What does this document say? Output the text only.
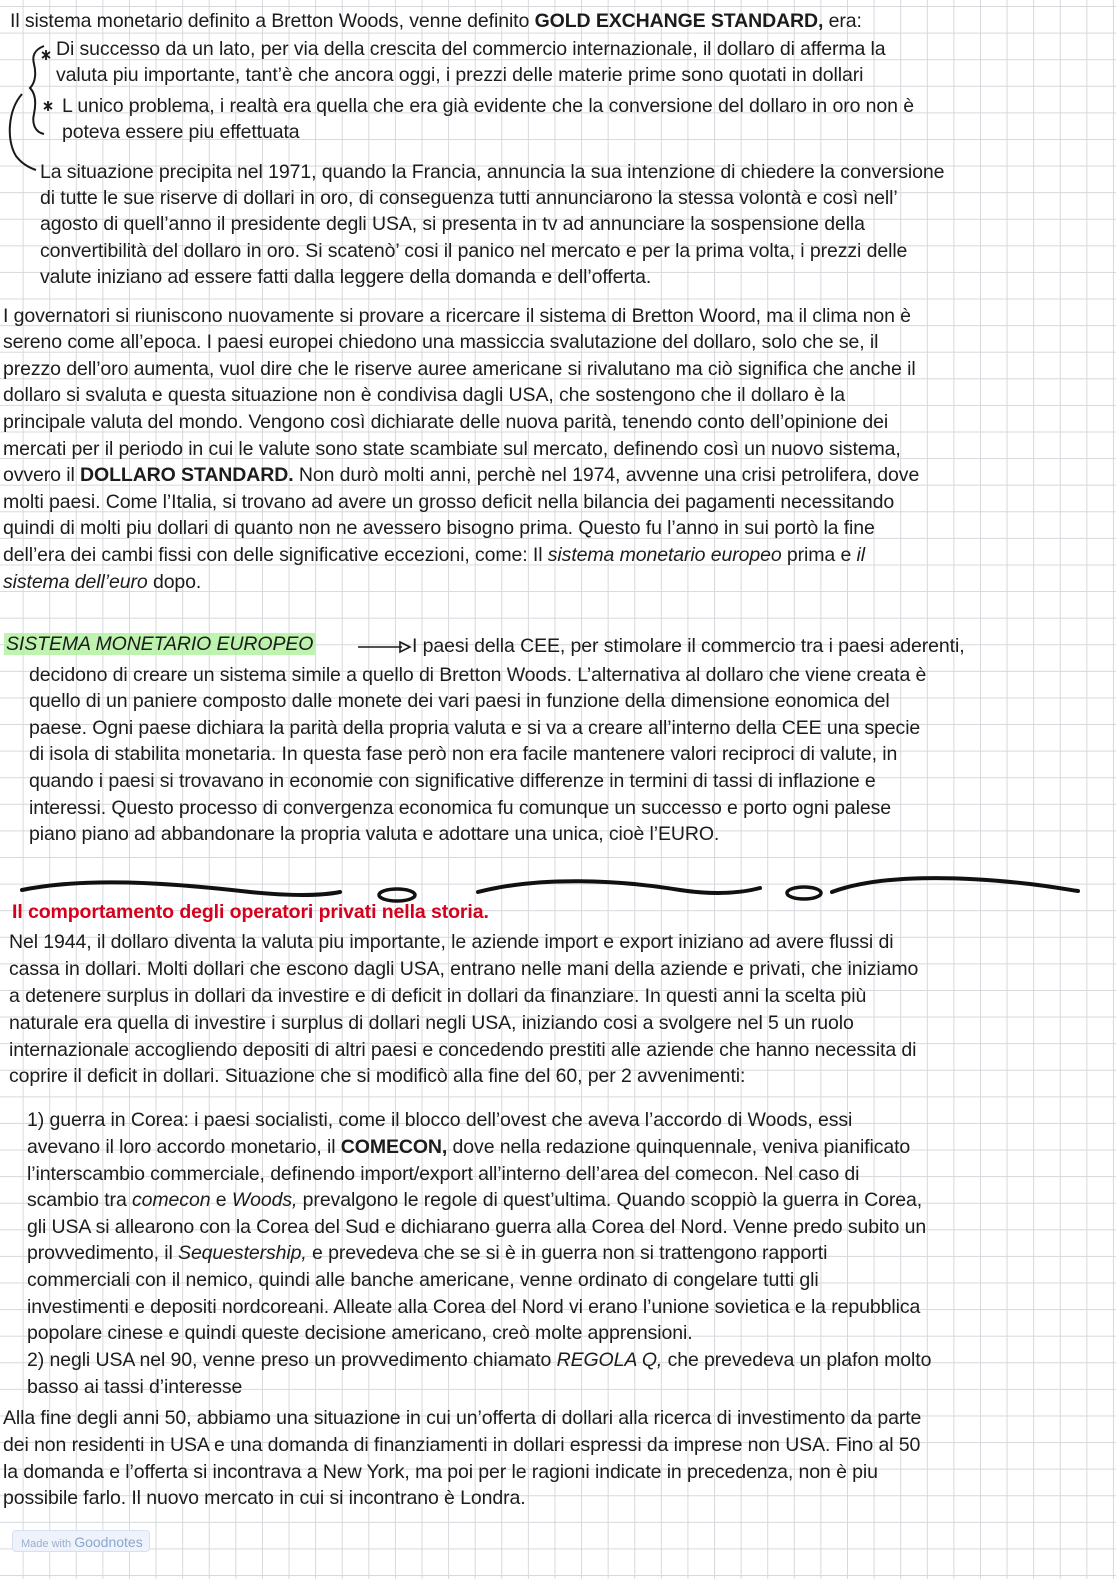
Il sistema monetario definito a Bretton Woods, venne definito GOLD EXCHANGE STANDARD, era:
Di successo da un lato, per via della crescita del commercio internazionale, il dollaro di afferma la
valuta piu importante, tant’è che ancora oggi, i prezzi delle materie prime sono quotati in dollari
L unico problema, i realtà era quella che era già evidente che la conversione del dollaro in oro non è
poteva essere piu effettuata
La situazione precipita nel 1971, quando la Francia, annuncia la sua intenzione di chiedere la conversione
di tutte le sue riserve di dollari in oro, di conseguenza tutti annunciarono la stessa volontà e così nell’
agosto di quell’anno il presidente degli USA, si presenta in tv ad annunciare la sospensione della
convertibilità del dollaro in oro. Si scatenò’ cosi il panico nel mercato e per la prima volta, i prezzi delle
valute iniziano ad essere fatti dalla leggere della domanda e dell’offerta.
I governatori si riuniscono nuovamente si provare a ricercare il sistema di Bretton Woord, ma il clima non è
sereno come all’epoca. I paesi europei chiedono una massiccia svalutazione del dollaro, solo che se, il
prezzo dell’oro aumenta, vuol dire che le riserve auree americane si rivalutano ma ciò significa che anche il
dollaro si svaluta e questa situazione non è condivisa dagli USA, che sostengono che il dollaro è la
principale valuta del mondo. Vengono così dichiarate delle nuova parità, tenendo conto dell’opinione dei
mercati per il periodo in cui le valute sono state scambiate sul mercato, definendo così un nuovo sistema,
ovvero il DOLLARO STANDARD. Non durò molti anni, perchè nel 1974, avvenne una crisi petrolifera, dove
molti paesi. Come l’Italia, si trovano ad avere un grosso deficit nella bilancia dei pagamenti necessitando
quindi di molti piu dollari di quanto non ne avessero bisogno prima. Questo fu l’anno in sui portò la fine
dell’era dei cambi fissi con delle significative eccezioni, come: Il sistema monetario europeo prima e il
sistema dell’euro dopo.
SISTEMA MONETARIO EUROPEO	I paesi della CEE, per stimolare il commercio tra i paesi aderenti,
decidono di creare un sistema simile a quello di Bretton Woods. L’alternativa al dollaro che viene creata è
quello di un paniere composto dalle monete dei vari paesi in funzione della dimensione eonomica del
paese. Ogni paese dichiara la parità della propria valuta e si va a creare all’interno della CEE una specie
di isola di stabilita monetaria. In questa fase però non era facile mantenere valori reciproci di valute, in
quando i paesi si trovavano in economie con significative differenze in termini di tassi di inflazione e
interessi. Questo processo di convergenza economica fu comunque un successo e porto ogni palese
piano piano ad abbandonare la propria valuta e adottare una unica, cioè l’EURO.
Il comportamento degli operatori privati nella storia.
Nel 1944, il dollaro diventa la valuta piu importante, le aziende import e export iniziano ad avere flussi di
cassa in dollari. Molti dollari che escono dagli USA, entrano nelle mani della aziende e privati, che iniziamo
a detenere surplus in dollari da investire e di deficit in dollari da finanziare. In questi anni la scelta più
naturale era quella di investire i surplus di dollari negli USA, iniziando cosi a svolgere nel 5 un ruolo
internazionale accogliendo depositi di altri paesi e concedendo prestiti alle aziende che hanno necessita di
coprire il deficit in dollari. Situazione che si modificò alla fine del 60, per 2 avvenimenti:
1) guerra in Corea: i paesi socialisti, come il blocco dell’ovest che aveva l’accordo di Woods, essi
avevano il loro accordo monetario, il COMECON, dove nella redazione quinquennale, veniva pianificato
l’interscambio commerciale, definendo import/export all’interno dell’area del comecon. Nel caso di
scambio tra comecon e Woods, prevalgono le regole di quest’ultima. Quando scoppiò la guerra in Corea,
gli USA si allearono con la Corea del Sud e dichiarano guerra alla Corea del Nord. Venne predo subito un
provvedimento, il Sequestership, e prevedeva che se si è in guerra non si trattengono rapporti
commerciali con il nemico, quindi alle banche americane, venne ordinato di congelare tutti gli
investimenti e depositi nordcoreani. Alleate alla Corea del Nord vi erano l’unione sovietica e la repubblica
popolare cinese e quindi queste decisione americano, creò molte apprensioni.
2) negli USA nel 90, venne preso un provvedimento chiamato REGOLA Q, che prevedeva un plafon molto
basso ai tassi d’interesse
Alla fine degli anni 50, abbiamo una situazione in cui un’offerta di dollari alla ricerca di investimento da parte
dei non residenti in USA e una domanda di finanziamenti in dollari espressi da imprese non USA. Fino al 50
la domanda e l’offerta si incontrava a New York, ma poi per le ragioni indicate in precedenza, non è piu
possibile farlo. Il nuovo mercato in cui si incontrano è Londra.
Made with Goodnotes
